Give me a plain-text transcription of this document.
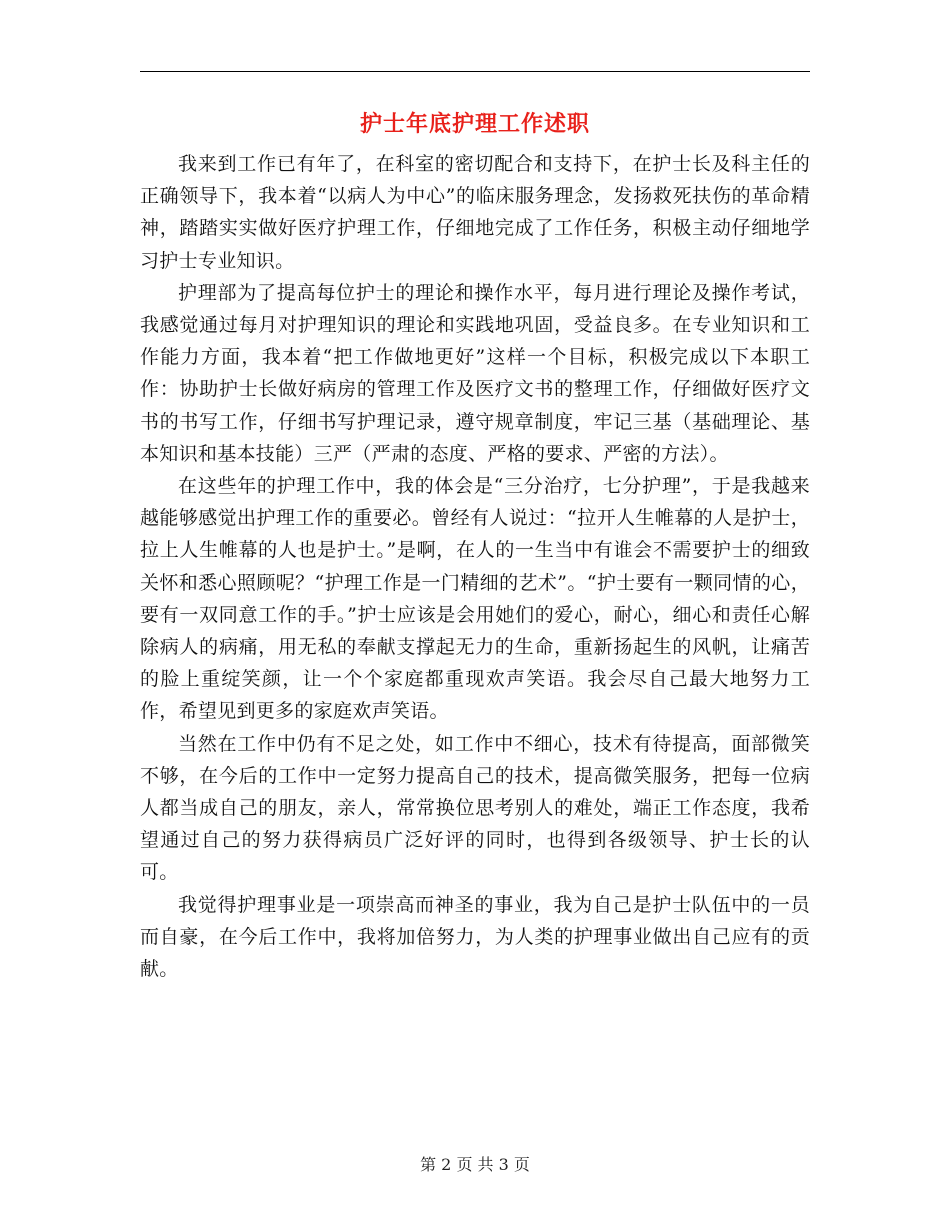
护士年底护理工作述职

我来到工作已有年了，在科室的密切配合和支持下，在护士长及科主任的正确领导下，我本着“以病人为中心”的临床服务理念，发扬救死扶伤的革命精神，踏踏实实做好医疗护理工作，仔细地完成了工作任务，积极主动仔细地学习护士专业知识。

护理部为了提高每位护士的理论和操作水平，每月进行理论及操作考试，我感觉通过每月对护理知识的理论和实践地巩固，受益良多。在专业知识和工作能力方面，我本着“把工作做地更好”这样一个目标，积极完成以下本职工作：协助护士长做好病房的管理工作及医疗文书的整理工作，仔细做好医疗文书的书写工作，仔细书写护理记录，遵守规章制度，牢记三基（基础理论、基本知识和基本技能）三严（严肃的态度、严格的要求、严密的方法）。

在这些年的护理工作中，我的体会是“三分治疗，七分护理”，于是我越来越能够感觉出护理工作的重要必。曾经有人说过：“拉开人生帷幕的人是护士，拉上人生帷幕的人也是护士。”是啊，在人的一生当中有谁会不需要护士的细致关怀和悉心照顾呢？“护理工作是一门精细的艺术”。“护士要有一颗同情的心，要有一双同意工作的手。”护士应该是会用她们的爱心，耐心，细心和责任心解除病人的病痛，用无私的奉献支撑起无力的生命，重新扬起生的风帆，让痛苦的脸上重绽笑颜，让一个个家庭都重现欢声笑语。我会尽自己最大地努力工作，希望见到更多的家庭欢声笑语。

当然在工作中仍有不足之处，如工作中不细心，技术有待提高，面部微笑不够，在今后的工作中一定努力提高自己的技术，提高微笑服务，把每一位病人都当成自己的朋友，亲人，常常换位思考别人的难处，端正工作态度，我希望通过自己的努力获得病员广泛好评的同时，也得到各级领导、护士长的认可。

我觉得护理事业是一项崇高而神圣的事业，我为自己是护士队伍中的一员而自豪，在今后工作中，我将加倍努力，为人类的护理事业做出自己应有的贡献。

第 2 页 共 3 页
